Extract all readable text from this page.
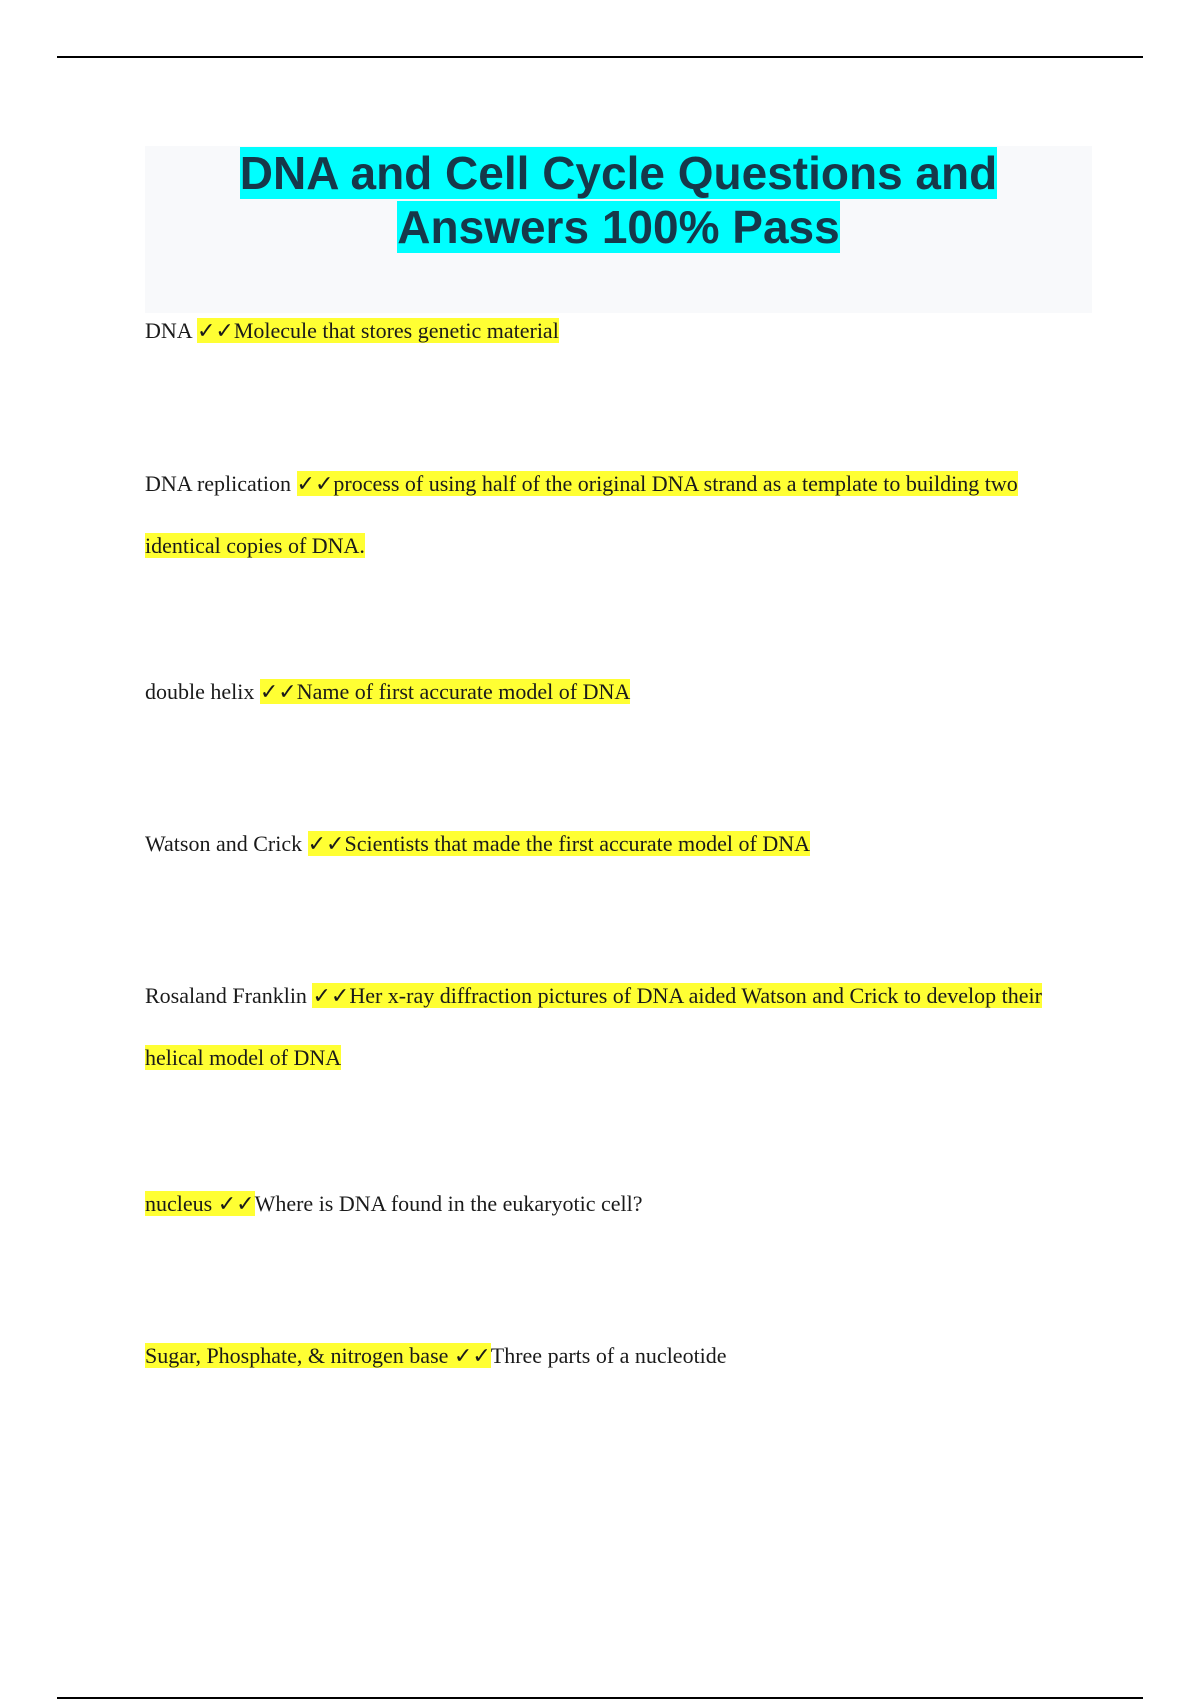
DNA and Cell Cycle Questions and
Answers 100% Pass

DNA ✓✓Molecule that stores genetic material

DNA replication ✓✓process of using half of the original DNA strand as a template to building two identical copies of DNA.

double helix ✓✓Name of first accurate model of DNA

Watson and Crick ✓✓Scientists that made the first accurate model of DNA

Rosaland Franklin ✓✓Her x-ray diffraction pictures of DNA aided Watson and Crick to develop their helical model of DNA

nucleus ✓✓Where is DNA found in the eukaryotic cell?

Sugar, Phosphate, & nitrogen base ✓✓Three parts of a nucleotide
